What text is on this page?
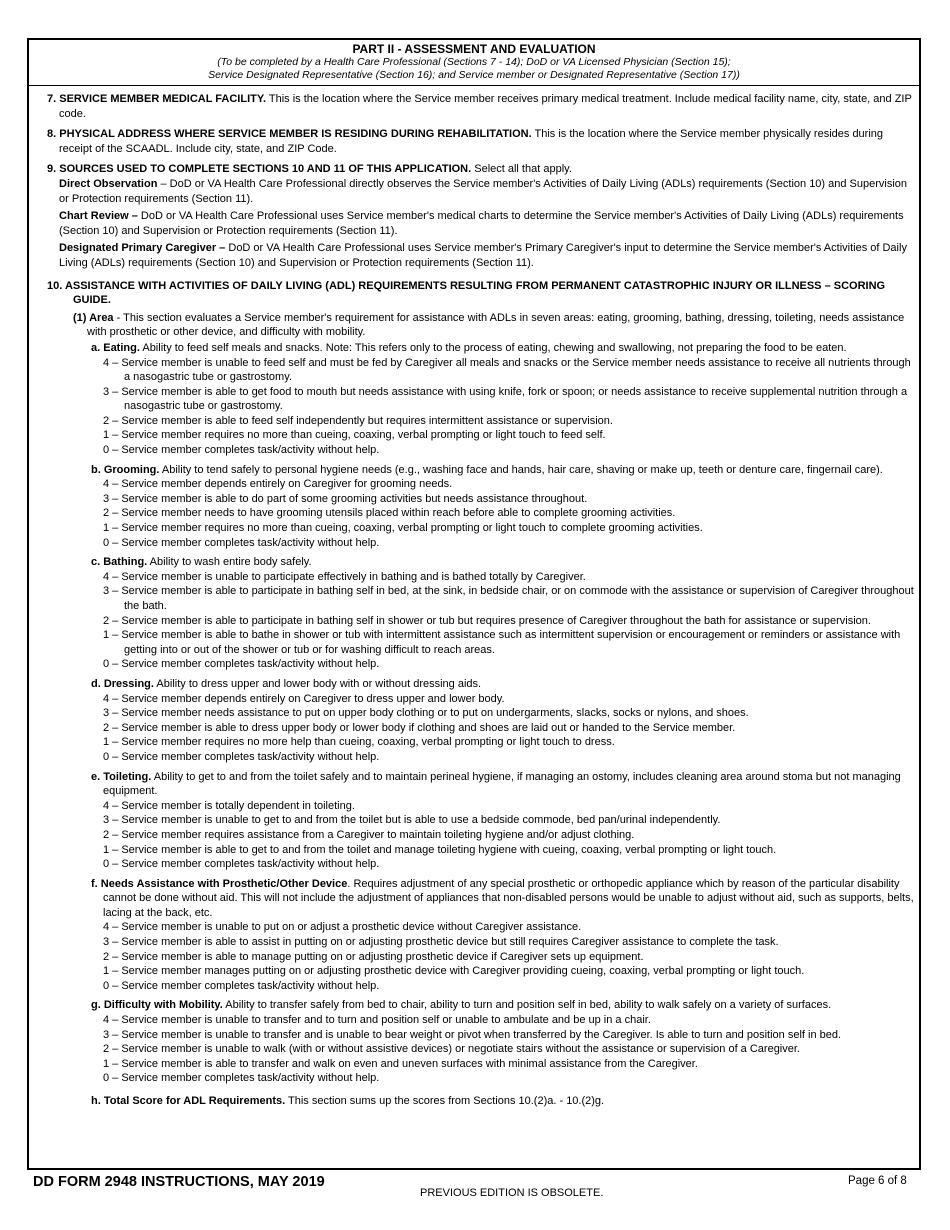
PART II - ASSESSMENT AND EVALUATION
(To be completed by a Health Care Professional (Sections 7 - 14); DoD or VA Licensed Physician (Section 15);
Service Designated Representative (Section 16); and Service member or Designated Representative (Section 17))

7. SERVICE MEMBER MEDICAL FACILITY. This is the location where the Service member receives primary medical treatment. Include medical facility name, city, state, and ZIP code.

8. PHYSICAL ADDRESS WHERE SERVICE MEMBER IS RESIDING DURING REHABILITATION. This is the location where the Service member physically resides during receipt of the SCAADL. Include city, state, and ZIP Code.

9. SOURCES USED TO COMPLETE SECTIONS 10 AND 11 OF THIS APPLICATION. Select all that apply.

Direct Observation – DoD or VA Health Care Professional directly observes the Service member's Activities of Daily Living (ADLs) requirements (Section 10) and Supervision or Protection requirements (Section 11).

Chart Review – DoD or VA Health Care Professional uses Service member's medical charts to determine the Service member's Activities of Daily Living (ADLs) requirements (Section 10) and Supervision or Protection requirements (Section 11).

Designated Primary Caregiver – DoD or VA Health Care Professional uses Service member's Primary Caregiver's input to determine the Service member's Activities of Daily Living (ADLs) requirements (Section 10) and Supervision or Protection requirements (Section 11).

10. ASSISTANCE WITH ACTIVITIES OF DAILY LIVING (ADL) REQUIREMENTS RESULTING FROM PERMANENT CATASTROPHIC INJURY OR ILLNESS – SCORING GUIDE.

(1) Area - This section evaluates a Service member's requirement for assistance with ADLs in seven areas: eating, grooming, bathing, dressing, toileting, needs assistance with prosthetic or other device, and difficulty with mobility.

a. Eating. Ability to feed self meals and snacks. Note: This refers only to the process of eating, chewing and swallowing, not preparing the food to be eaten.

4 – Service member is unable to feed self and must be fed by Caregiver all meals and snacks or the Service member needs assistance to receive all nutrients through a nasogastric tube or gastrostomy.

3 – Service member is able to get food to mouth but needs assistance with using knife, fork or spoon; or needs assistance to receive supplemental nutrition through a nasogastric tube or gastrostomy.

2 – Service member is able to feed self independently but requires intermittent assistance or supervision.

1 – Service member requires no more than cueing, coaxing, verbal prompting or light touch to feed self.

0 – Service member completes task/activity without help.

b. Grooming. Ability to tend safely to personal hygiene needs (e.g., washing face and hands, hair care, shaving or make up, teeth or denture care, fingernail care).

4 – Service member depends entirely on Caregiver for grooming needs.

3 – Service member is able to do part of some grooming activities but needs assistance throughout.

2 – Service member needs to have grooming utensils placed within reach before able to complete grooming activities.

1 – Service member requires no more than cueing, coaxing, verbal prompting or light touch to complete grooming activities.

0 – Service member completes task/activity without help.

c. Bathing. Ability to wash entire body safely.

4 – Service member is unable to participate effectively in bathing and is bathed totally by Caregiver.

3 – Service member is able to participate in bathing self in bed, at the sink, in bedside chair, or on commode with the assistance or supervision of Caregiver throughout the bath.

2 – Service member is able to participate in bathing self in shower or tub but requires presence of Caregiver throughout the bath for assistance or supervision.

1 – Service member is able to bathe in shower or tub with intermittent assistance such as intermittent supervision or encouragement or reminders or assistance with getting into or out of the shower or tub or for washing difficult to reach areas.

0 – Service member completes task/activity without help.

d. Dressing. Ability to dress upper and lower body with or without dressing aids.

4 – Service member depends entirely on Caregiver to dress upper and lower body.

3 – Service member needs assistance to put on upper body clothing or to put on undergarments, slacks, socks or nylons, and shoes.

2 – Service member is able to dress upper body or lower body if clothing and shoes are laid out or handed to the Service member.

1 – Service member requires no more help than cueing, coaxing, verbal prompting or light touch to dress.

0 – Service member completes task/activity without help.

e. Toileting. Ability to get to and from the toilet safely and to maintain perineal hygiene, if managing an ostomy, includes cleaning area around stoma but not managing equipment.

4 – Service member is totally dependent in toileting.

3 – Service member is unable to get to and from the toilet but is able to use a bedside commode, bed pan/urinal independently.

2 – Service member requires assistance from a Caregiver to maintain toileting hygiene and/or adjust clothing.

1 – Service member is able to get to and from the toilet and manage toileting hygiene with cueing, coaxing, verbal prompting or light touch.

0 – Service member completes task/activity without help.

f. Needs Assistance with Prosthetic/Other Device. Requires adjustment of any special prosthetic or orthopedic appliance which by reason of the particular disability cannot be done without aid. This will not include the adjustment of appliances that non-disabled persons would be unable to adjust without aid, such as supports, belts, lacing at the back, etc.

4 – Service member is unable to put on or adjust a prosthetic device without Caregiver assistance.

3 – Service member is able to assist in putting on or adjusting prosthetic device but still requires Caregiver assistance to complete the task.

2 – Service member is able to manage putting on or adjusting prosthetic device if Caregiver sets up equipment.

1 – Service member manages putting on or adjusting prosthetic device with Caregiver providing cueing, coaxing, verbal prompting or light touch.

0 – Service member completes task/activity without help.

g. Difficulty with Mobility. Ability to transfer safely from bed to chair, ability to turn and position self in bed, ability to walk safely on a variety of surfaces.

4 – Service member is unable to transfer and to turn and position self or unable to ambulate and be up in a chair.

3 – Service member is unable to transfer and is unable to bear weight or pivot when transferred by the Caregiver. Is able to turn and position self in bed.

2 – Service member is unable to walk (with or without assistive devices) or negotiate stairs without the assistance or supervision of a Caregiver.

1 – Service member is able to transfer and walk on even and uneven surfaces with minimal assistance from the Caregiver.

0 – Service member completes task/activity without help.

h. Total Score for ADL Requirements. This section sums up the scores from Sections 10.(2)a. - 10.(2)g.

DD FORM 2948 INSTRUCTIONS, MAY 2019
PREVIOUS EDITION IS OBSOLETE.
Page 6 of 8
